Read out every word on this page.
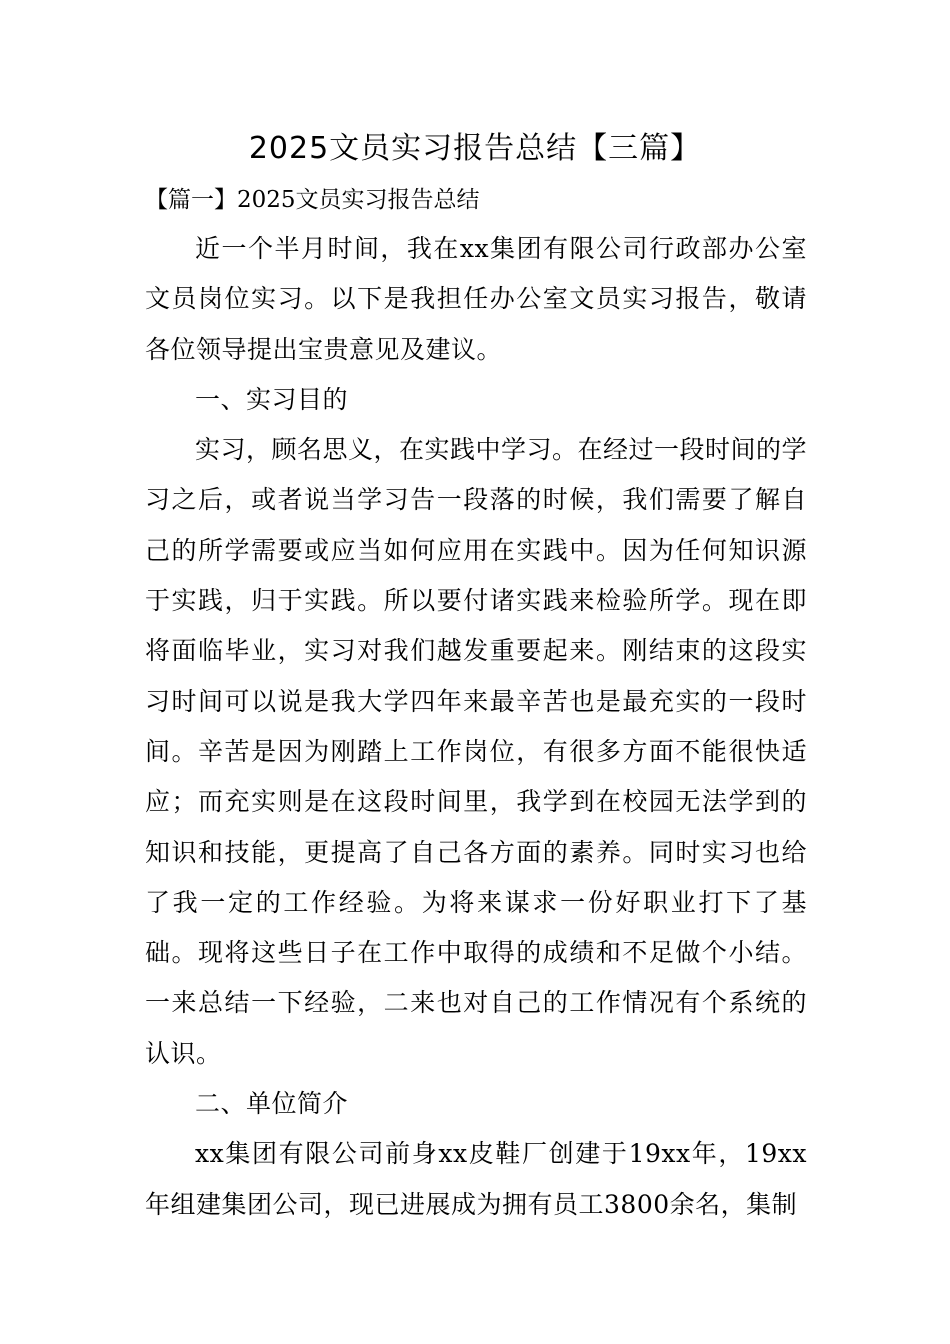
2025文员实习报告总结【三篇】
【篇一】2025文员实习报告总结

近一个半月时间，我在xx集团有限公司行政部办公室文员岗位实习。以下是我担任办公室文员实习报告，敬请各位领导提出宝贵意见及建议。

一、实习目的

实习，顾名思义，在实践中学习。在经过一段时间的学习之后，或者说当学习告一段落的时候，我们需要了解自己的所学需要或应当如何应用在实践中。因为任何知识源于实践，归于实践。所以要付诸实践来检验所学。现在即将面临毕业，实习对我们越发重要起来。刚结束的这段实习时间可以说是我大学四年来最辛苦也是最充实的一段时间。辛苦是因为刚踏上工作岗位，有很多方面不能很快适应；而充实则是在这段时间里，我学到在校园无法学到的知识和技能，更提高了自己各方面的素养。同时实习也给了我一定的工作经验。为将来谋求一份好职业打下了基础。现将这些日子在工作中取得的成绩和不足做个小结。一来总结一下经验，二来也对自己的工作情况有个系统的认识。

二、单位简介

xx集团有限公司前身xx皮鞋厂创建于19xx年，19xx年组建集团公司，现已进展成为拥有员工3800余名，集制
